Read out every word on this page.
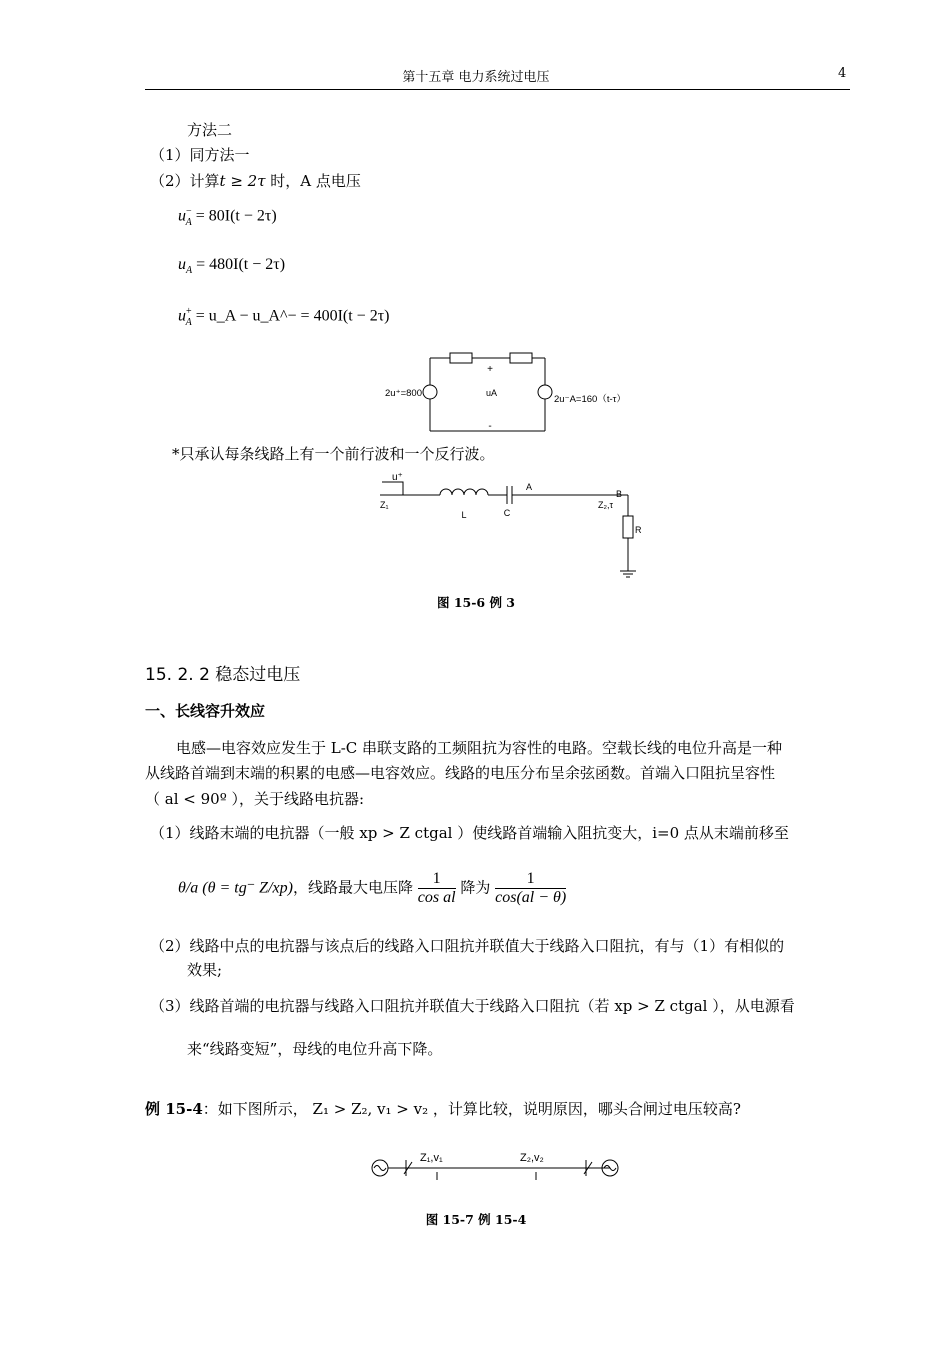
第十五章 电力系统过电压	4
方法二
（1）同方法一
（2）计算t ≥ 2τ 时，A 点电压
$u^-_A = 80I(t - 2\tau)$
$u_A = 480I(t - 2\tau)$
$u^+_A$ = u_A − u_A^− = 400I(t − 2τ)
+
-
uA
2u⁺=800
2u⁻A=160（t-τ）
*只承认每条线路上有一个前行波和一个反行波。
u⁺
Z₁
L	C
A
B
Z₂,τ
R
图 15-6 例 3
15. 2. 2 稳态过电压
一、长线容升效应
电感—电容效应发生于 L-C 串联支路的工频阻抗为容性的电路。空载长线的电位升高是一种
从线路首端到末端的积累的电感—电容效应。线路的电压分布呈余弦函数。首端入口阻抗呈容性
（ al < 90º ），关于线路电抗器:
（1）线路末端的电抗器（一般 xp > Z ctgal ）使线路首端输入阻抗变大，i=0 点从末端前移至
θ/a (θ = tg⁻ Z/xp)，线路最大电压降 $\frac{1}{\text{cos al}}$ 降为 $\frac{1}{\cos(al - \theta)}$
（2）线路中点的电抗器与该点后的线路入口阻抗并联值大于线路入口阻抗，有与（1）有相似的
效果;
（3）线路首端的电抗器与线路入口阻抗并联值大于线路入口阻抗（若 xp > Z ctgal ），从电源看
来“线路变短”，母线的电位升高下降。
例 15-4：如下图所示， Z₁ > Z₂, v₁ > v₂ ，计算比较，说明原因，哪头合闸过电压较高?
Z₁,v₁	Z₂,v₂
图 15-7 例 15-4
